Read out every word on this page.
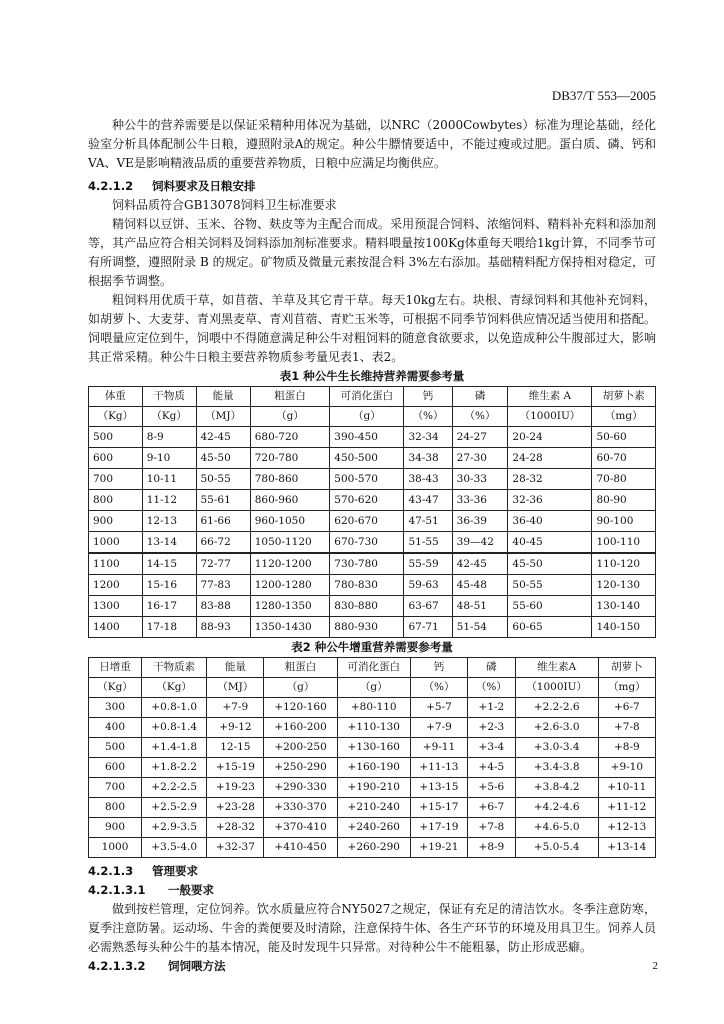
DB37/T 553—2005

种公牛的营养需要是以保证采精种用体况为基础，以NRC（2000Cowbytes）标准为理论基础，经化验室分析具体配制公牛日粮，遵照附录A的规定。种公牛膘情要适中，不能过瘦或过肥。蛋白质、磷、钙和VA、VE是影响精液品质的重要营养物质，日粮中应满足均衡供应。

4.2.1.2 饲料要求及日粮安排

饲料品质符合GB13078饲料卫生标准要求

精饲料以豆饼、玉米、谷物、麸皮等为主配合而成。采用预混合饲料、浓缩饲料、精料补充料和添加剂等，其产品应符合相关饲料及饲料添加剂标准要求。精料喂量按100Kg体重每天喂给1kg计算，不同季节可有所调整，遵照附录 B 的规定。矿物质及微量元素按混合料 3%左右添加。基础精料配方保持相对稳定，可根据季节调整。

粗饲料用优质干草，如苜蓿、羊草及其它青干草。每天10kg左右。块根、青绿饲料和其他补充饲料，如胡萝卜、大麦芽、青刈黑麦草、青刈苜蓿、青贮玉米等，可根据不同季节饲料供应情况适当使用和搭配。饲喂量应定位到牛，饲喂中不得随意满足种公牛对粗饲料的随意食欲要求，以免造成种公牛腹部过大，影响其正常采精。种公牛日粮主要营养物质参考量见表1、表2。

表1 种公牛生长维持营养需要参考量
体重	干物质	能量	粗蛋白	可消化蛋白	钙	磷	维生素 A	胡萝卜素
（Kg）	（Kg）	（MJ）	（g）	（g）	（%）	（%）	（1000IU）	（mg）
500	8-9	42-45	680-720	390-450	32-34	24-27	20-24	50-60
600	9-10	45-50	720-780	450-500	34-38	27-30	24-28	60-70
700	10-11	50-55	780-860	500-570	38-43	30-33	28-32	70-80
800	11-12	55-61	860-960	570-620	43-47	33-36	32-36	80-90
900	12-13	61-66	960-1050	620-670	47-51	36-39	36-40	90-100
1000	13-14	66-72	1050-1120	670-730	51-55	39—42	40-45	100-110
1100	14-15	72-77	1120-1200	730-780	55-59	42-45	45-50	110-120
1200	15-16	77-83	1200-1280	780-830	59-63	45-48	50-55	120-130
1300	16-17	83-88	1280-1350	830-880	63-67	48-51	55-60	130-140
1400	17-18	88-93	1350-1430	880-930	67-71	51-54	60-65	140-150
表2 种公牛增重营养需要参考量
日增重	干物质素	能量	粗蛋白	可消化蛋白	钙	磷	维生素A	胡萝卜
（Kg）	（Kg）	（MJ）	（g）	（g）	（%）	（%）	（1000IU）	（mg）
300	+0.8-1.0	+7-9	+120-160	+80-110	+5-7	+1-2	+2.2-2.6	+6-7
400	+0.8-1.4	+9-12	+160-200	+110-130	+7-9	+2-3	+2.6-3.0	+7-8
500	+1.4-1.8	12-15	+200-250	+130-160	+9-11	+3-4	+3.0-3.4	+8-9
600	+1.8-2.2	+15-19	+250-290	+160-190	+11-13	+4-5	+3.4-3.8	+9-10
700	+2.2-2.5	+19-23	+290-330	+190-210	+13-15	+5-6	+3.8-4.2	+10-11
800	+2.5-2.9	+23-28	+330-370	+210-240	+15-17	+6-7	+4.2-4.6	+11-12
900	+2.9-3.5	+28-32	+370-410	+240-260	+17-19	+7-8	+4.6-5.0	+12-13
1000	+3.5-4.0	+32-37	+410-450	+260-290	+19-21	+8-9	+5.0-5.4	+13-14
4.2.1.3 管理要求
4.2.1.3.1 一般要求

做到按栏管理，定位饲养。饮水质量应符合NY5027之规定，保证有充足的清洁饮水。冬季注意防寒，夏季注意防暑。运动场、牛舍的粪便要及时清除，注意保持牛体、各生产环节的环境及用具卫生。饲养人员必需熟悉每头种公牛的基本情况，能及时发现牛只异常。对待种公牛不能粗暴，防止形成恶癖。

4.2.1.3.2 饲饲喂方法	2
